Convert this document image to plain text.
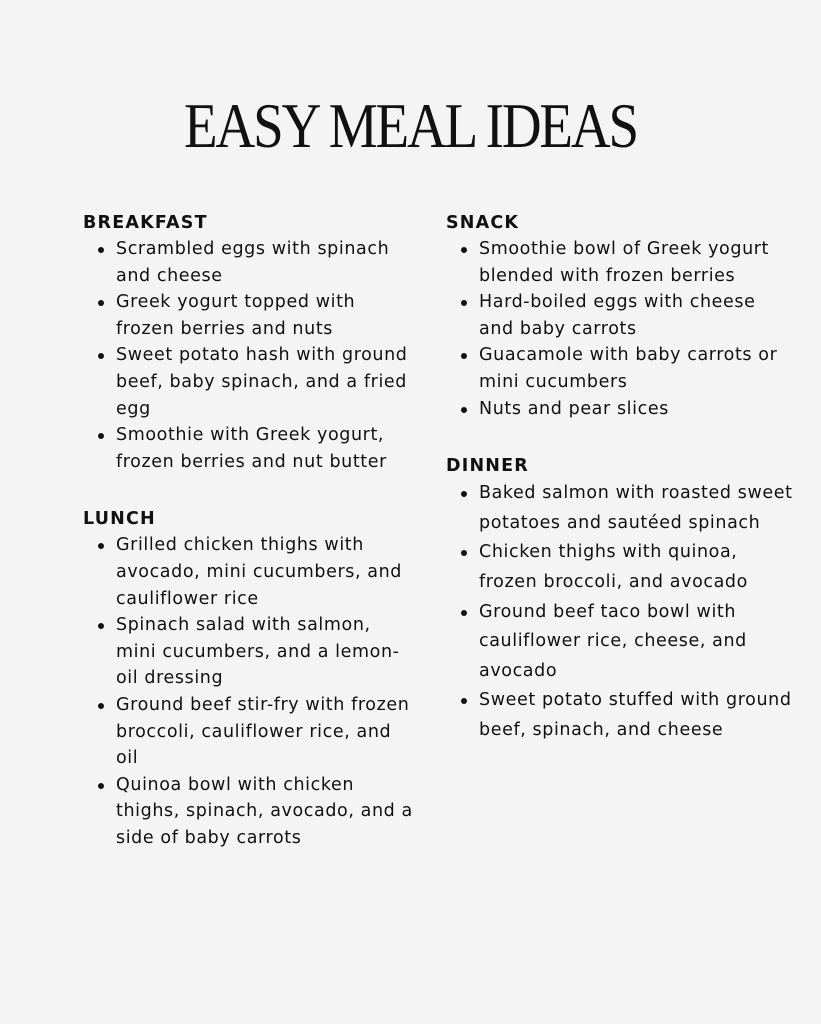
EASY MEAL IDEAS
BREAKFAST
Scrambled eggs with spinach and cheese
Greek yogurt topped with frozen berries and nuts
Sweet potato hash with ground beef, baby spinach, and a fried egg
Smoothie with Greek yogurt, frozen berries and nut butter
LUNCH
Grilled chicken thighs with avocado, mini cucumbers, and cauliflower rice
Spinach salad with salmon, mini cucumbers, and a lemon-oil dressing
Ground beef stir-fry with frozen broccoli, cauliflower rice, and oil
Quinoa bowl with chicken thighs, spinach, avocado, and a side of baby carrots
SNACK
Smoothie bowl of Greek yogurt blended with frozen berries
Hard-boiled eggs with cheese and baby carrots
Guacamole with baby carrots or mini cucumbers
Nuts and pear slices
DINNER
Baked salmon with roasted sweet potatoes and sautéed spinach
Chicken thighs with quinoa, frozen broccoli, and avocado
Ground beef taco bowl with cauliflower rice, cheese, and avocado
Sweet potato stuffed with ground beef, spinach, and cheese
